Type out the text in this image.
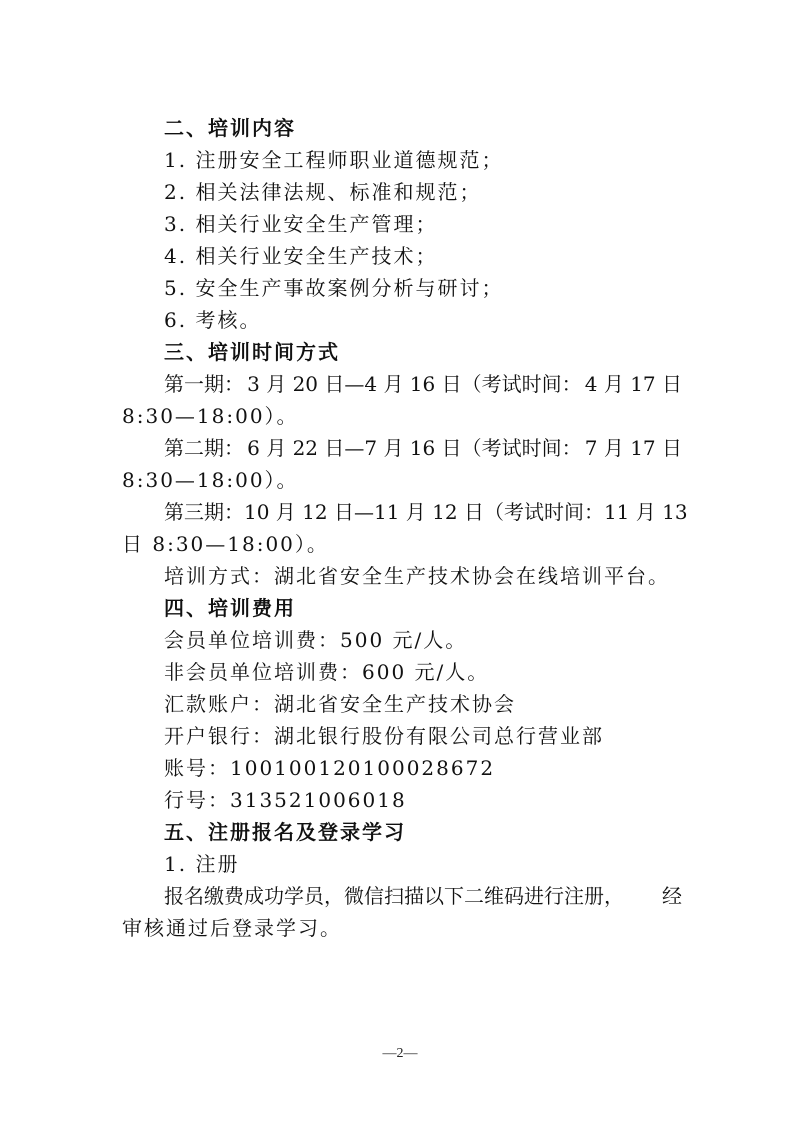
二、培训内容
1. 注册安全工程师职业道德规范；
2. 相关法律法规、标准和规范；
3. 相关行业安全生产管理；
4. 相关行业安全生产技术；
5. 安全生产事故案例分析与研讨；
6. 考核。
三、培训时间方式
第一期： 3 月 20 日—4 月 16 日（考试时间： 4 月 17 日
8:30—18:00）。
第二期： 6 月 22 日—7 月 16 日（考试时间： 7 月 17 日
8:30—18:00）。
第三期： 10 月 12 日—11 月 12 日（考试时间： 11 月 13
日 8:30—18:00）。
培训方式：湖北省安全生产技术协会在线培训平台。
四、培训费用
会员单位培训费：500 元/人。
非会员单位培训费：600 元/人。
汇款账户：湖北省安全生产技术协会
开户银行：湖北银行股份有限公司总行营业部
账号：100100120100028672
行号：313521006018
五、注册报名及登录学习
1. 注册
报名缴费成功学员，微信扫描以下二维码进行注册， 经
审核通过后登录学习。
—2—
